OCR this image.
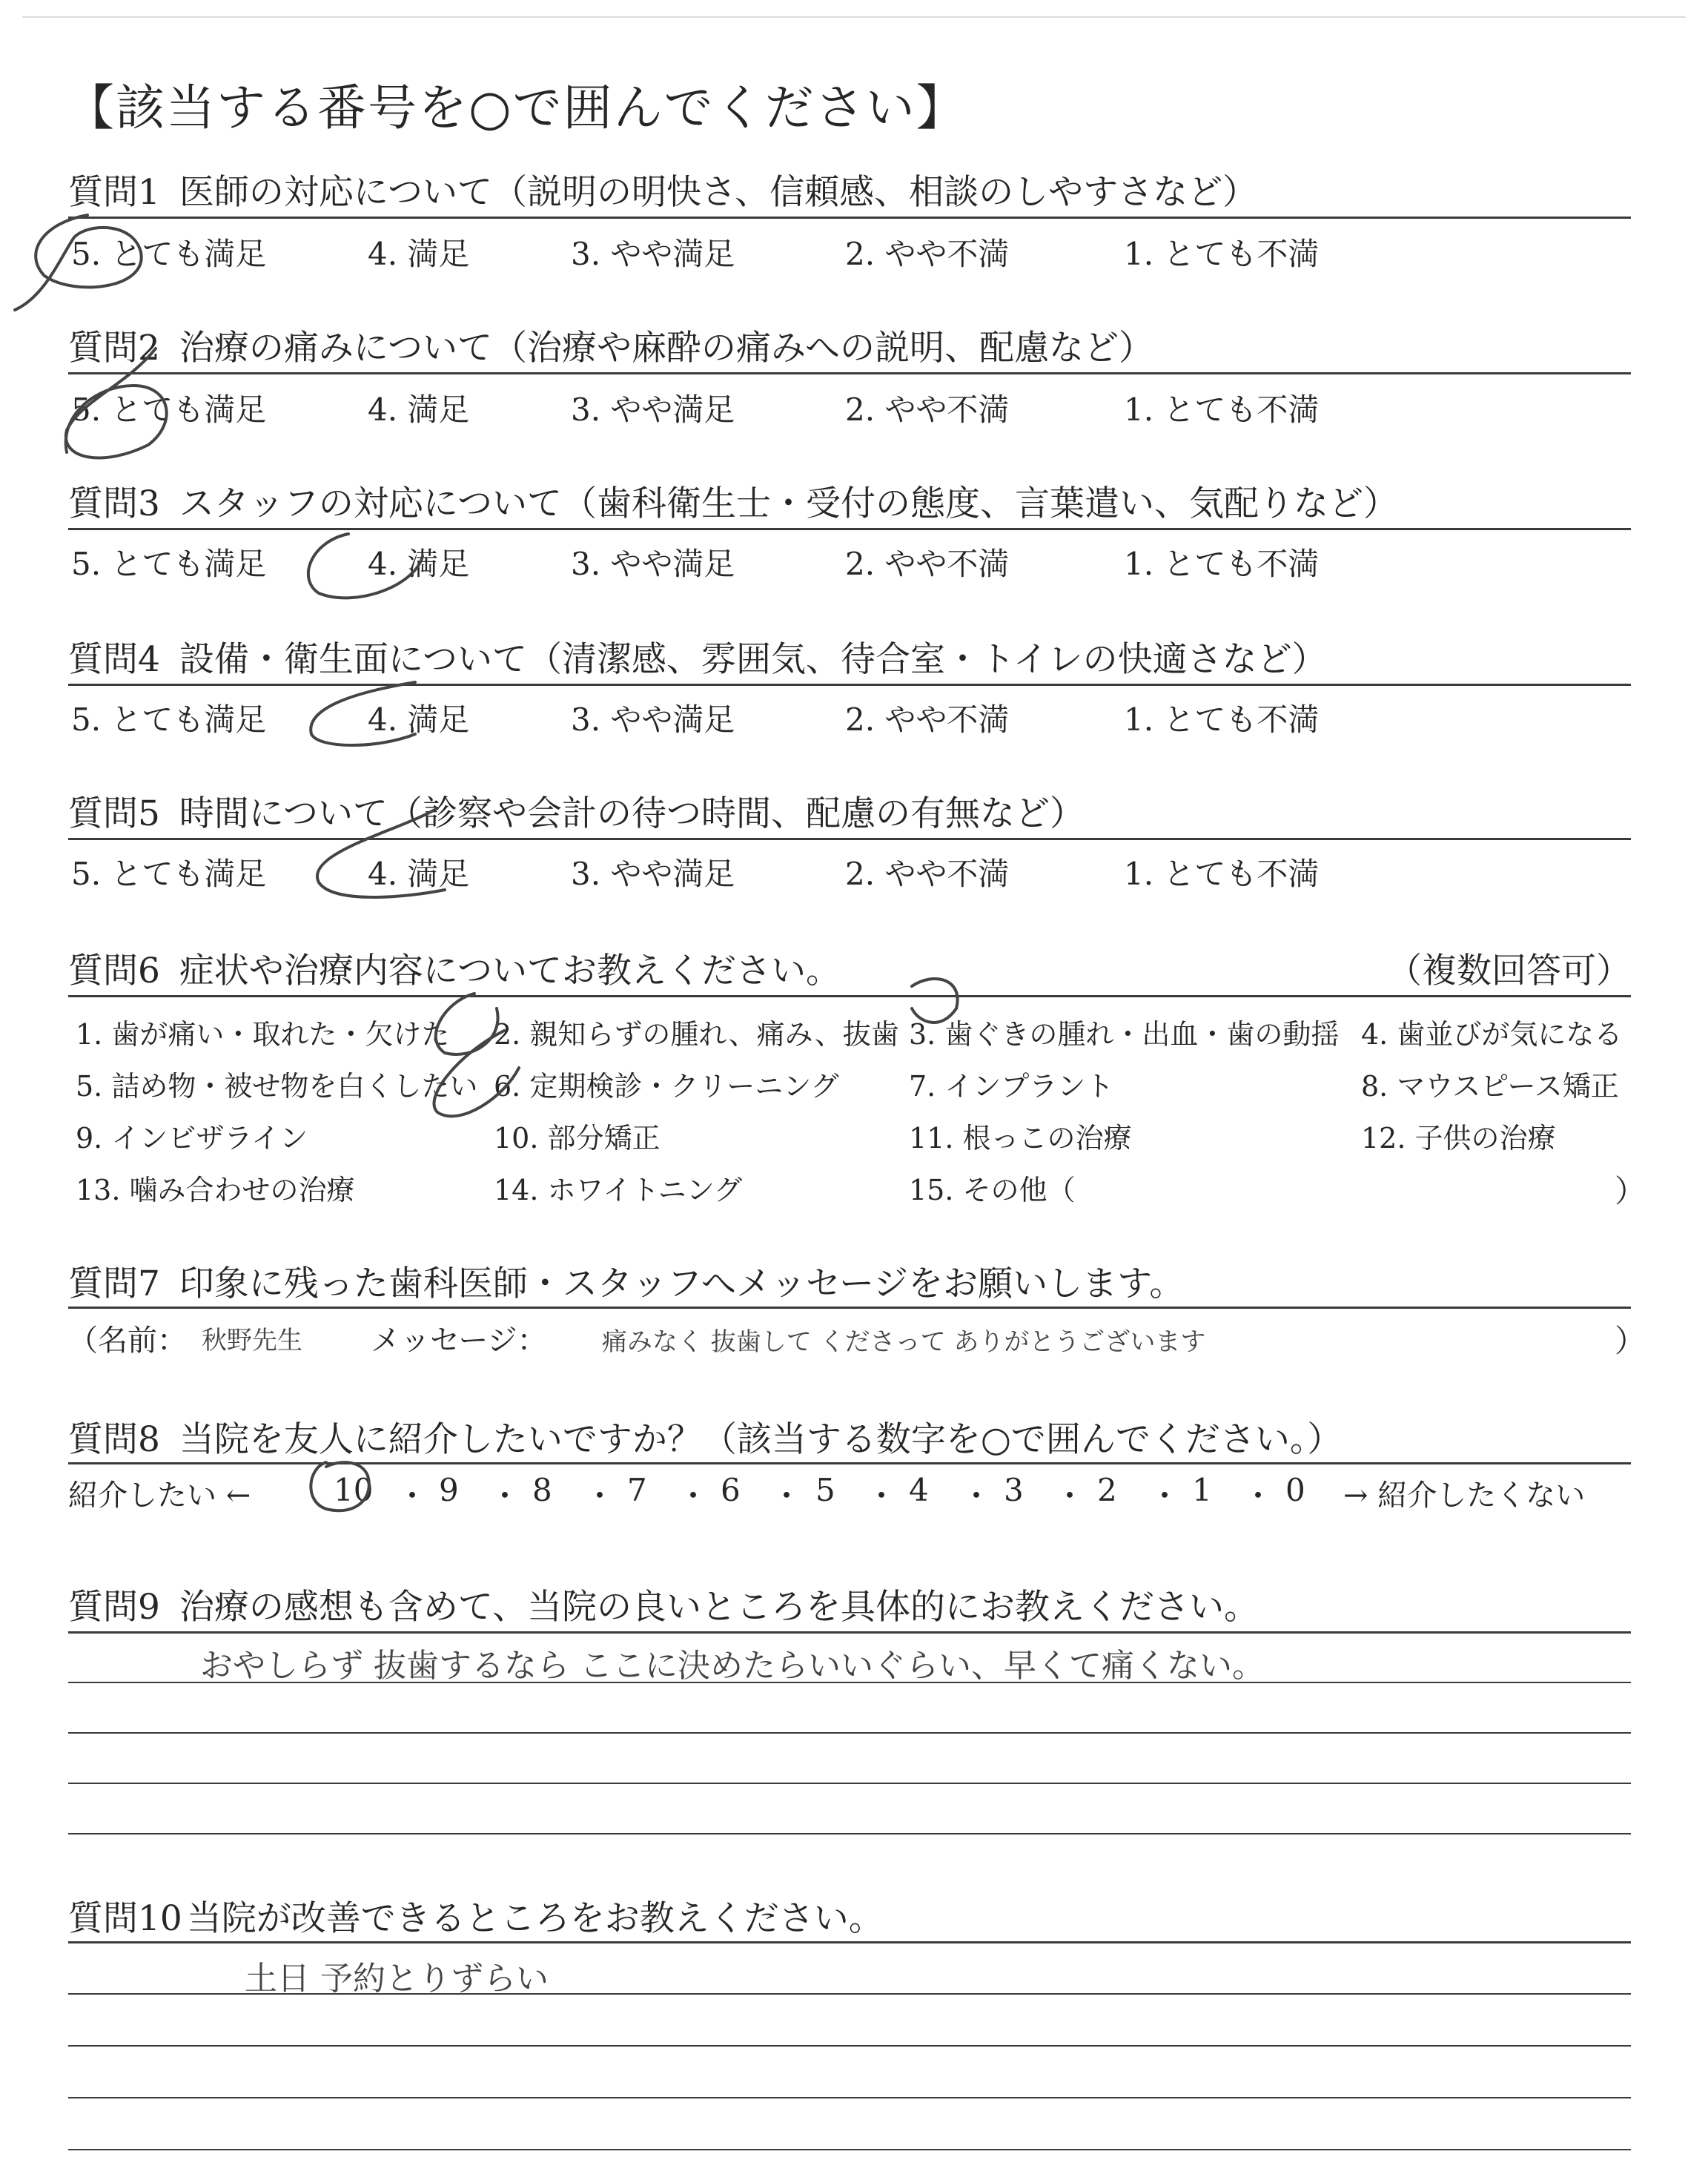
【該当する番号を○で囲んでください】
質問1 医師の対応について（説明の明快さ、信頼感、相談のしやすさなど）
5. とても満足	4. 満足	3. やや満足	2. やや不満	1. とても不満
質問2 治療の痛みについて（治療や麻酔の痛みへの説明、配慮など）
5. とても満足	4. 満足	3. やや満足	2. やや不満	1. とても不満
質問3 スタッフの対応について（歯科衛生士・受付の態度、言葉遣い、気配りなど）
5. とても満足	4. 満足	3. やや満足	2. やや不満	1. とても不満
質問4 設備・衛生面について（清潔感、雰囲気、待合室・トイレの快適さなど）
5. とても満足	4. 満足	3. やや満足	2. やや不満	1. とても不満
質問5 時間について（診察や会計の待つ時間、配慮の有無など）
5. とても満足	4. 満足	3. やや満足	2. やや不満	1. とても不満
質問6 症状や治療内容についてお教えください。	（複数回答可）
1. 歯が痛い・取れた・欠けた 2. 親知らずの腫れ、痛み、抜歯 3. 歯ぐきの腫れ・出血・歯の動揺 4. 歯並びが気になる
5. 詰め物・被せ物を白くしたい 6. 定期検診・クリーニング 7. インプラント	8. マウスピース矯正
9. インビザライン	10. 部分矯正	11. 根っこの治療	12. 子供の治療
13. 噛み合わせの治療	14. ホワイトニング	15. その他（	）
質問7 印象に残った歯科医師・スタッフへメッセージをお願いします。
（名前： 秋野先生 メッセージ： 痛みなく 抜歯して くださって ありがとうございます	）
質問8 当院を友人に紹介したいですか？（該当する数字を○で囲んでください。）
紹介したい ←	→ 紹介したくない
10 9 8 7 6 5 4 3 2 1 0
・ ・ ・ ・ ・ ・ ・ ・ ・ ・
質問9 治療の感想も含めて、当院の良いところを具体的にお教えください。
おやしらず 抜歯するなら ここに決めたらいいぐらい、早くて痛くない。
質問10 当院が改善できるところをお教えください。
土日 予約とりずらい
